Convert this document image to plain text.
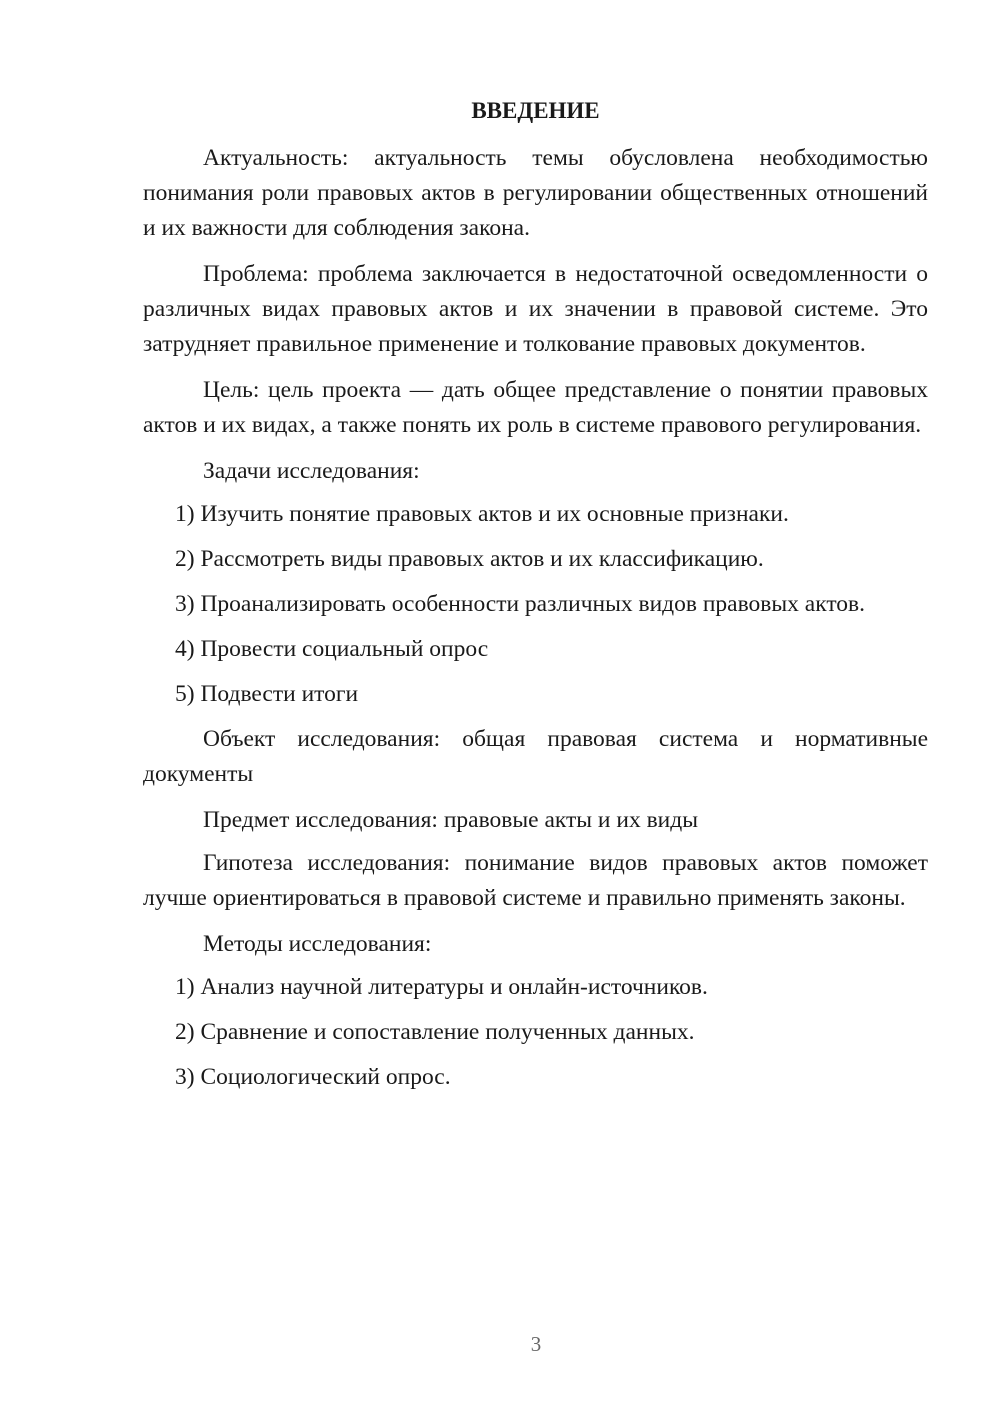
ВВЕДЕНИЕ

Актуальность: актуальность темы обусловлена необходимостью понимания роли правовых актов в регулировании общественных отношений и их важности для соблюдения закона.

Проблема: проблема заключается в недостаточной осведомленности о различных видах правовых актов и их значении в правовой системе. Это затрудняет правильное применение и толкование правовых документов.

Цель: цель проекта — дать общее представление о понятии правовых актов и их видах, а также понять их роль в системе правового регулирования.

Задачи исследования:

1) Изучить понятие правовых актов и их основные признаки.
2) Рассмотреть виды правовых актов и их классификацию.
3) Проанализировать особенности различных видов правовых актов.
4) Провести социальный опрос
5) Подвести итоги

Объект исследования: общая правовая система и нормативные документы

Предмет исследования: правовые акты и их виды

Гипотеза исследования: понимание видов правовых актов поможет лучше ориентироваться в правовой системе и правильно применять законы.

Методы исследования:

1) Анализ научной литературы и онлайн-источников.
2) Сравнение и сопоставление полученных данных.
3) Социологический опрос.
3
